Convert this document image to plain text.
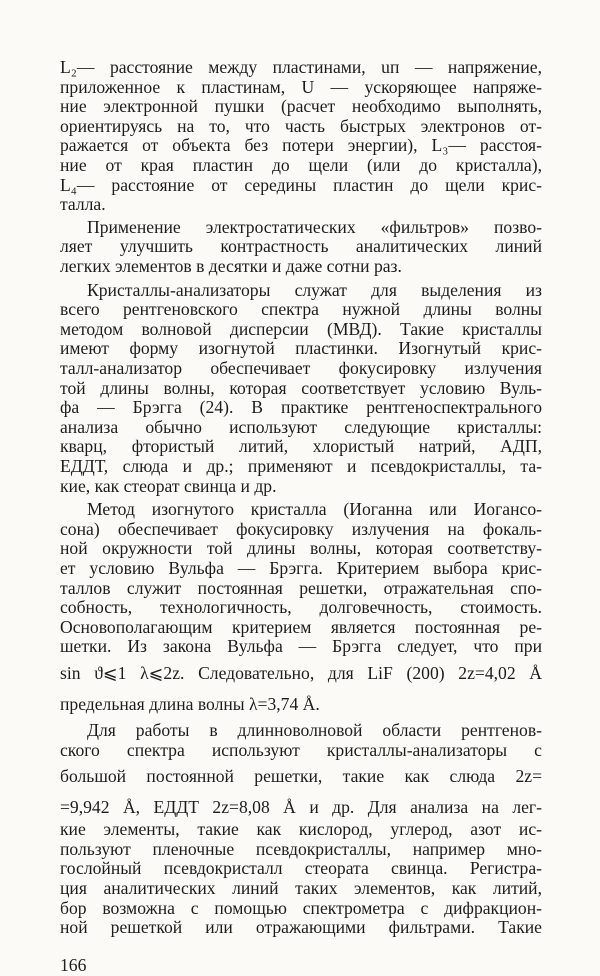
L₂— расстояние между пластинами, uп — напряжение,
приложенное к пластинам, U — ускоряющее напряже-
ние электронной пушки (расчет необходимо выполнять,
ориентируясь на то, что часть быстрых электронов от-
ражается от объекта без потери энергии), L₃— расстоя-
ние от края пластин до щели (или до кристалла),
L₄— расстояние от середины пластин до щели крис-
талла.
Применение электростатических «фильтров» позво-
ляет улучшить контрастность аналитических линий
легких элементов в десятки и даже сотни раз.
Кристаллы-анализаторы служат для выделения из
всего рентгеновского спектра нужной длины волны
методом волновой дисперсии (МВД). Такие кристаллы
имеют форму изогнутой пластинки. Изогнутый крис-
талл-анализатор обеспечивает фокусировку излучения
той длины волны, которая соответствует условию Вуль-
фа — Брэгга (24). В практике рентгеноспектрального
анализа обычно используют следующие кристаллы:
кварц, фтористый литий, хлористый натрий, АДП,
ЕДДТ, слюда и др.; применяют и псевдокристаллы, та-
кие, как стеорат свинца и др.
Метод изогнутого кристалла (Иоганна или Иогансо-
сона) обеспечивает фокусировку излучения на фокаль-
ной окружности той длины волны, которая соответству-
ет условию Вульфа — Брэгга. Критерием выбора крис-
таллов служит постоянная решетки, отражательная спо-
собность, технологичность, долговечность, стоимость.
Основополагающим критерием является постоянная ре-
шетки. Из закона Вульфа — Брэгга следует, что при
sin ϑ⩽1 λ⩽2z. Следовательно, для LiF (200) 2z=4,02 Å
предельная длина волны λ=3,74 Å.
Для работы в длинноволновой области рентгенов-
ского спектра используют кристаллы-анализаторы с
большой постоянной решетки, такие как слюда 2z=
=9,942 Å, ЕДДТ 2z=8,08 Å и др. Для анализа на лег-
кие элементы, такие как кислород, углерод, азот ис-
пользуют пленочные псевдокристаллы, например мно-
гослойный псевдокристалл стеората свинца. Регистра-
ция аналитических линий таких элементов, как литий,
бор возможна с помощью спектрометра с дифракцион-
ной решеткой или отражающими фильтрами. Такие
166
